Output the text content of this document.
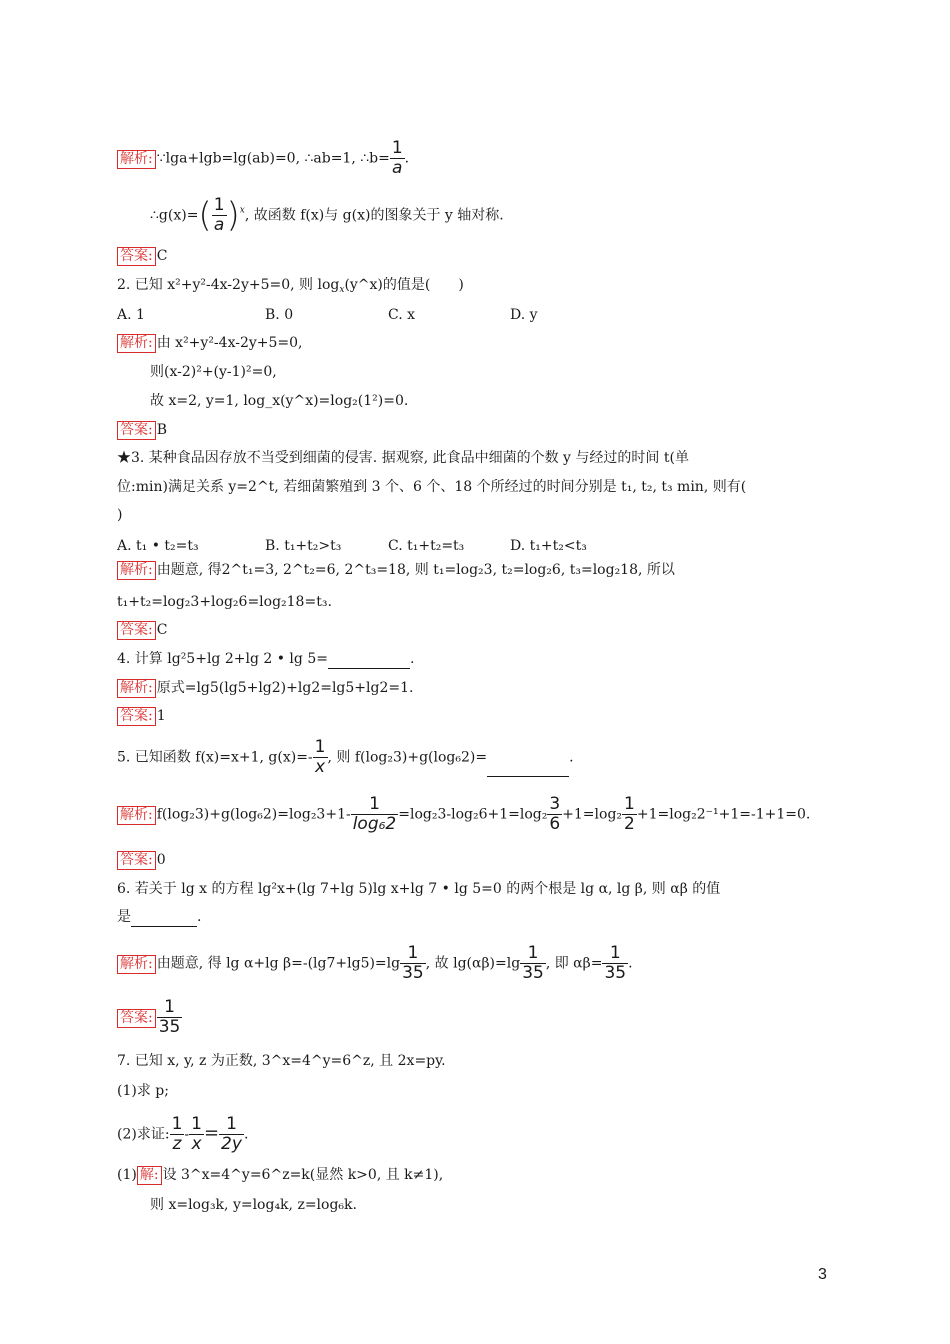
解析: ∵lga+lgb=lg(ab)=0, ∴ab=1, ∴b= $\frac{1}{a}$ .
∴g(x)=( $\frac{1}{a} )^x$, 故函数 f(x)与 g(x)的图象关于 y 轴对称.
答案: C
2. 已知 x²+y²-4x-2y+5=0, 则 $\log_x(y\^{}x)$的值是(　　)
A. 1	B. 0	C. x	D. y
解析: 由 x²+y²-4x-2y+5=0,
则(x-2)²+(y-1)²=0,
故 x=2, y=1, log_x(y^x)=log₂(1²)=0.
答案: B
★3. 某种食品因存放不当受到细菌的侵害. 据观察, 此食品中细菌的个数 y 与经过的时间 t(单
位:min)满足关系 y=2^t, 若细菌繁殖到 3 个、6 个、18 个所经过的时间分别是 t₁, t₂, t₃ min, 则有(
)
A. t₁ • t₂=t₃	B. t₁+t₂>t₃	C. t₁+t₂=t₃	D. t₁+t₂<t₃
解析: 由题意, 得2^t₁=3, 2^t₂=6, 2^t₃=18, 则 t₁=log₂3, t₂=log₂6, t₃=log₂18, 所以
t₁+t₂=log₂3+log₂6=log₂18=t₃.
答案: C
4. 计算 lg²5+lg 2+lg 2 • lg 5=	.
解析: 原式=lg5(lg5+lg2)+lg2=lg5+lg2=1.
答案: 1
5. 已知函数 f(x)=x+1, $g(x)=- \frac{1}{x}$ , 则 f(log₂3)+g(log₆2)=	.
解析: $f(\log_23)+g(\log_62)=\log_23+1- \frac{1}{\text{log₆2}} =\log_23-\log_26+1=\log_2 \frac{3}{6} +1=\log_2 \frac{1}{2} +1=\log_22^{-1}+1=-1+1=0$.
答案: 0
6. 若关于 lg x 的方程 lg²x+(lg 7+lg 5)lg x+lg 7 • lg 5=0 的两个根是 lg α, lg β, 则 αβ 的值
是	.
解析: 由题意, 得 lg α+lg $\beta=-(\lg 7+\lg 5)=\lg \frac{1}{35}$ , 故 $\lg(\alpha\beta)=\lg \frac{1}{35}$ , 即 $\alpha\beta= \frac{1}{35}$ .
答案: $\frac{1}{35}$
7. 已知 x, y, z 为正数, 3^x=4^y=6^z, 且 2x=py.
(1)求 p;
(2)求证: $\frac{1}{z} - \frac{1}{x} = \frac{1}{2y}$ .
(1) 解: 设 3^x=4^y=6^z=k(显然 k>0, 且 k≠1),
则 x=log₃k, y=log₄k, z=log₆k.
3
